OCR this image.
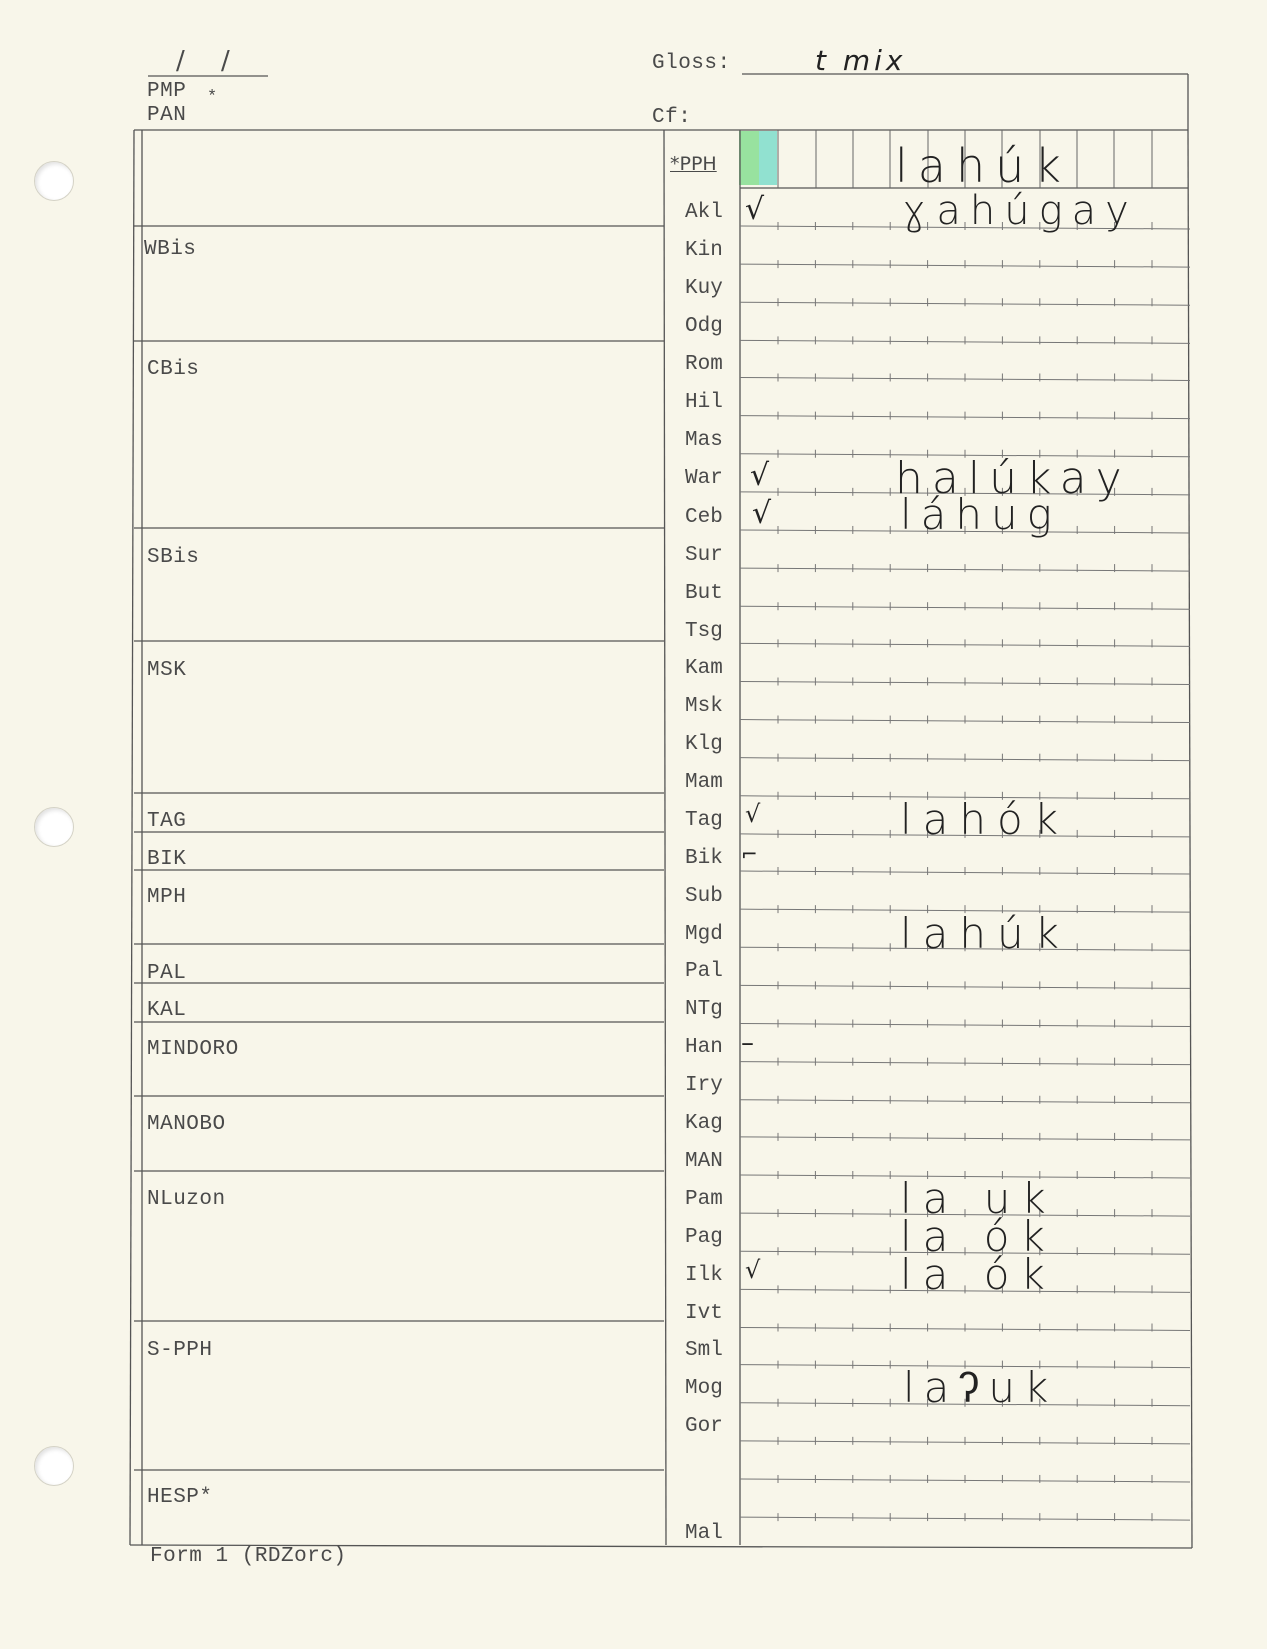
/ /
PMP *
PAN
Gloss:	t mix
Cf:
*PPH
WBis
CBis
SBis
MSK
TAG
BIK
MPH
PAL
KAL
MINDORO
MANOBO
NLuzon
S-PPH
HESP*
Akl
Kin
Kuy
Odg
Rom
Hil
Mas
War
Ceb
Sur
But
Tsg
Kam
Msk
Klg
Mam
Tag
Bik
Sub
Mgd
Pal
NTg
Han
Iry
Kag
MAN
Pam
Pag
Ilk
Ivt
Sml
Mog
Gor
Mal
√
√
√
√
⌐
–
√
lahúk
ɣahúgay
halúkay
láhug
lahók
lahúk
la uk
la ók
la ók
laʔuk
Form 1 (RDZorc)
